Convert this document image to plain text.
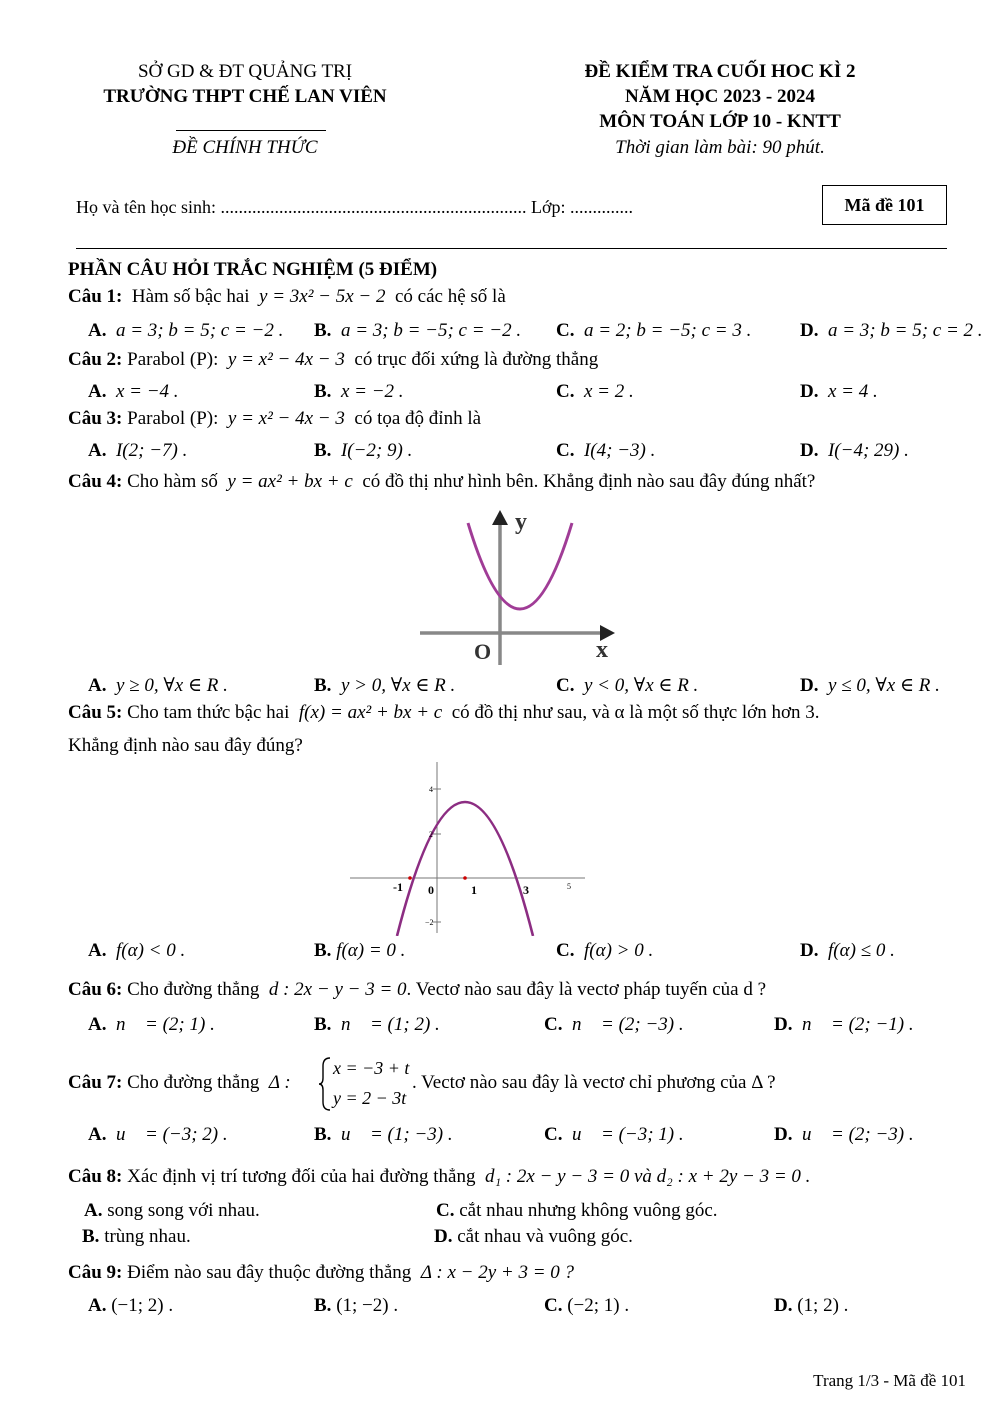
SỞ GD & ĐT QUẢNG TRỊ
TRƯỜNG THPT CHẾ LAN VIÊN
ĐỀ CHÍNH THỨC
ĐỀ KIỂM TRA CUỐI HOC KÌ 2
NĂM HỌC 2023 - 2024
MÔN TOÁN LỚP 10 - KNTT
Thời gian làm bài: 90 phút.
Họ và tên học sinh: .................................................................... Lớp: ..............	Mã đề 101
PHẦN CÂU HỎI TRẮC NGHIỆM (5 ĐIỂM)
Câu 1: Hàm số bậc hai y = 3x² − 5x − 2 có các hệ số là
A. a = 3; b = 5; c = −2 . B. a = 3; b = −5; c = −2 . C. a = 2; b = −5; c = 3 .	D. a = 3; b = 5; c = 2 .
Câu 2: Parabol (P): y = x² − 4x − 3 có trục đối xứng là đường thẳng
A. x = −4 .	B. x = −2 .	C. x = 2 .	D. x = 4 .
Câu 3: Parabol (P): y = x² − 4x − 3 có tọa độ đỉnh là
A. I(2; −7) .	B. I(−2; 9) .	C. I(4; −3) .	D. I(−4; 29) .
Câu 4: Cho hàm số y = ax² + bx + c có đồ thị như hình bên. Khẳng định nào sau đây đúng nhất?
y
x
O
A. y ≥ 0, ∀x ∈ R .	B. y > 0, ∀x ∈ R .	C. y < 0, ∀x ∈ R .	D. y ≤ 0, ∀x ∈ R .
Câu 5: Cho tam thức bậc hai f(x) = ax² + bx + c có đồ thị như sau, và α là một số thực lớn hơn 3.
Khẳng định nào sau đây đúng?
-1 0	1	3	5
4
2
−2
A. f(α) < 0 .	B. f(α) = 0 .	C. f(α) > 0 .	D. f(α) ≤ 0 .
Câu 6: Cho đường thẳng d : 2x − y − 3 = 0. Vectơ nào sau đây là vectơ pháp tuyến của d ?
A. n⃗ = (2; 1) .	B. n⃗ = (1; 2) .	C. n⃗ = (2; −3) .	D. n⃗ = (2; −1) .
Câu 7: Cho đường thẳng Δ :
x = −3 + t
y = 2 − 3t
. Vectơ nào sau đây là vectơ chỉ phương của Δ ?
A. u⃗ = (−3; 2) .	B. u⃗ = (1; −3) .	C. u⃗ = (−3; 1) .	D. u⃗ = (2; −3) .
Câu 8: Xác định vị trí tương đối của hai đường thẳng d₁ : 2x − y − 3 = 0 và d₂ : x + 2y − 3 = 0 .
A. song song với nhau.	C. cắt nhau nhưng không vuông góc.
B. trùng nhau.	D. cắt nhau và vuông góc.
Câu 9: Điểm nào sau đây thuộc đường thẳng Δ : x − 2y + 3 = 0 ?
A. (−1; 2) .	B. (1; −2) .	C. (−2; 1) .	D. (1; 2) .
Trang 1/3 - Mã đề 101
